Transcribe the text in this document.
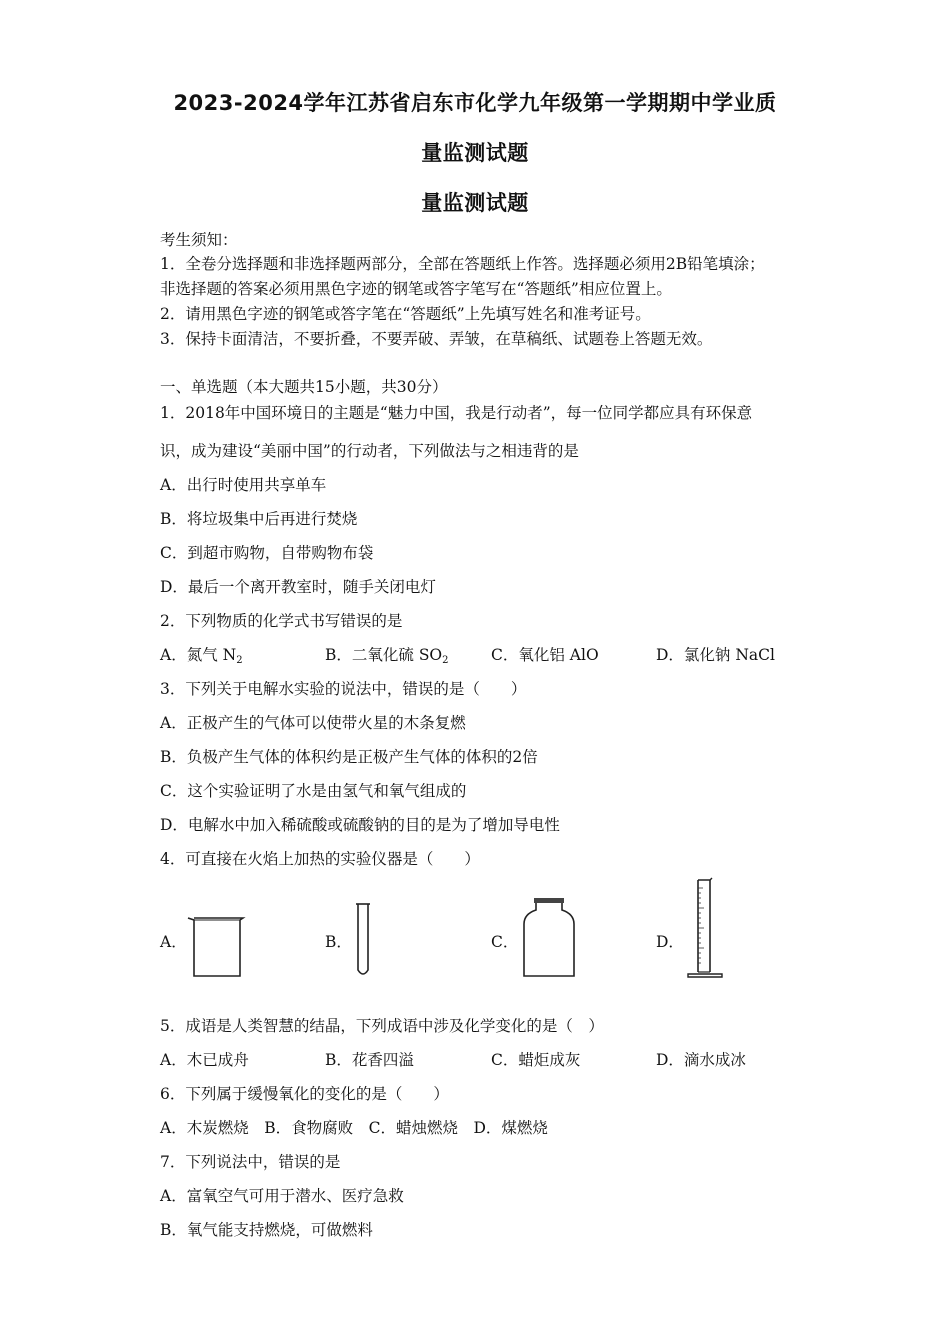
2023-2024学年江苏省启东市化学九年级第一学期期中学业质
量监测试题
量监测试题
考生须知：
1．全卷分选择题和非选择题两部分，全部在答题纸上作答。选择题必须用2B铅笔填涂；
非选择题的答案必须用黑色字迹的钢笔或答字笔写在“答题纸”相应位置上。
2．请用黑色字迹的钢笔或答字笔在“答题纸”上先填写姓名和准考证号。
3．保持卡面清洁，不要折叠，不要弄破、弄皱，在草稿纸、试题卷上答题无效。
一、单选题（本大题共15小题，共30分）
1．2018年中国环境日的主题是“魅力中国，我是行动者”，每一位同学都应具有环保意
识，成为建设“美丽中国”的行动者，下列做法与之相违背的是
A．出行时使用共享单车
B．将垃圾集中后再进行焚烧
C．到超市购物，自带购物布袋
D．最后一个离开教室时，随手关闭电灯
2．下列物质的化学式书写错误的是
A．氮气 $N_2$	B．二氧化硫 $SO_2$	C．氧化铝 AlO	D．氯化钠 NaCl
3．下列关于电解水实验的说法中，错误的是（　　）
A．正极产生的气体可以使带火星的木条复燃
B．负极产生气体的体积约是正极产生气体的体积的2倍
C．这个实验证明了水是由氢气和氧气组成的
D．电解水中加入稀硫酸或硫酸钠的目的是为了增加导电性
4．可直接在火焰上加热的实验仪器是（　　）
A．	B．	C．	D．
5．成语是人类智慧的结晶，下列成语中涉及化学变化的是（　）
A．木已成舟	B．花香四溢	C．蜡炬成灰	D．滴水成冰
6．下列属于缓慢氧化的变化的是（　　）
A．木炭燃烧　B．食物腐败　C．蜡烛燃烧　D．煤燃烧
7．下列说法中，错误的是
A．富氧空气可用于潜水、医疗急救
B．氧气能支持燃烧，可做燃料
